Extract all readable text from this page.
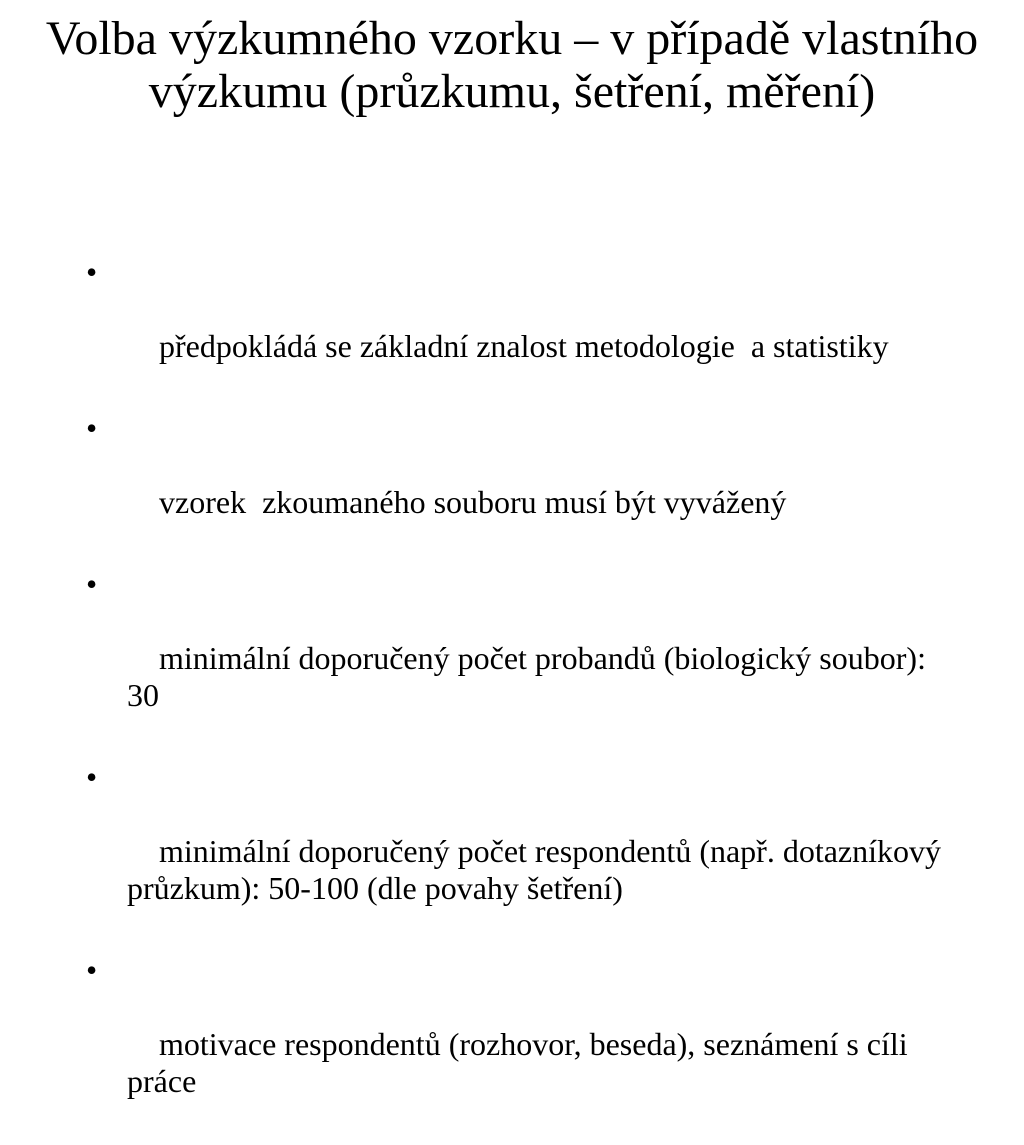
Volba výzkumného vzorku – v případě vlastního výzkumu (průzkumu, šetření, měření)

•

předpokládá se základní znalost metodologie  a statistiky

•

vzorek  zkoumaného souboru musí být vyvážený

•

minimální doporučený počet probandů (biologický soubor): 30

•

minimální doporučený počet respondentů (např. dotazníkový průzkum): 50-100 (dle povahy šetření)

•

motivace respondentů (rozhovor, beseda), seznámení s cíli práce
